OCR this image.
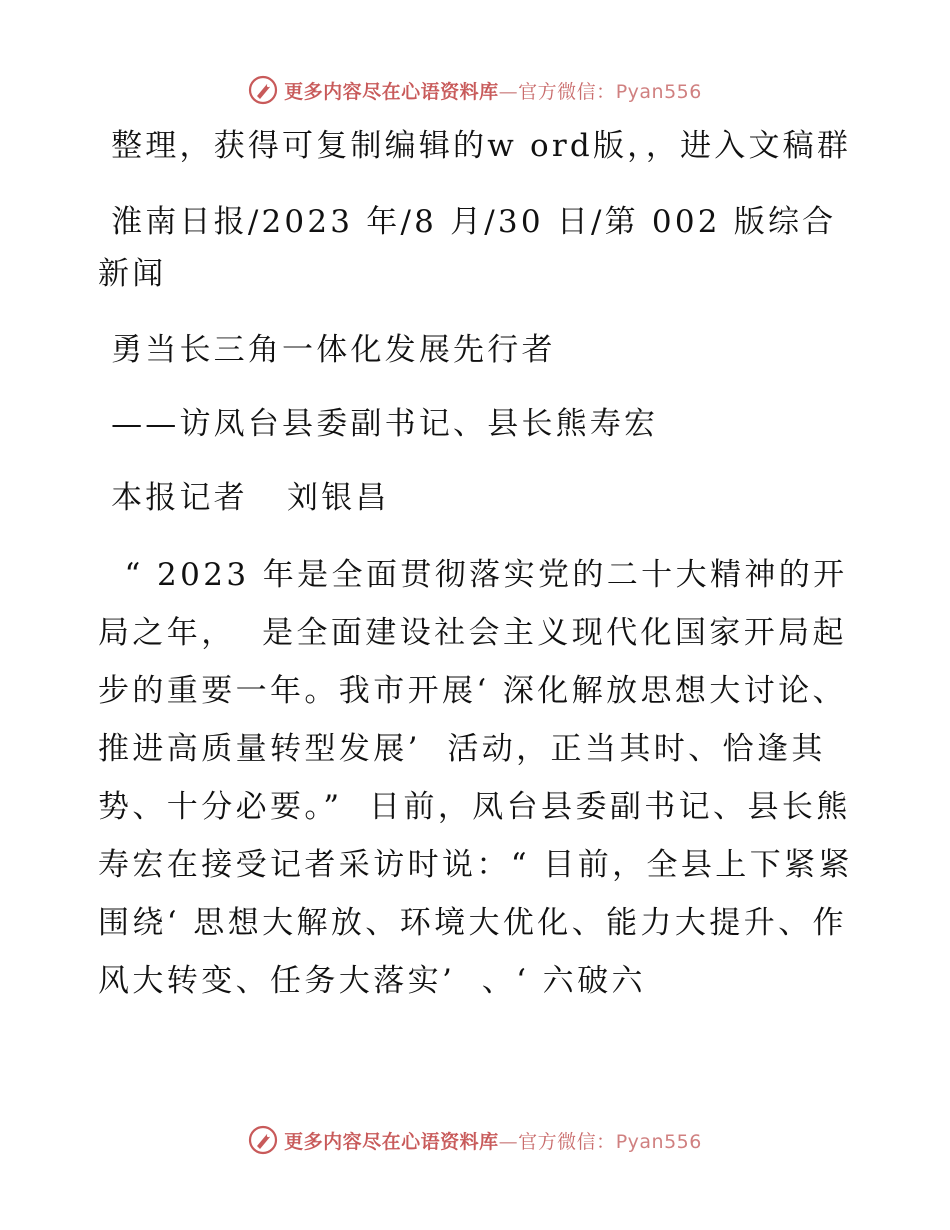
更多内容尽在心语资料库—官方微信：Pyan556

整理，获得可复制编辑的w ord版，，进入文稿群

淮南日报/2023 年/8 月/30 日/第 002 版综合新闻

勇当长三角一体化发展先行者

——访凤台县委副书记、县长熊寿宏

本报记者   刘银昌

“ 2023 年是全面贯彻落实党的二十大精神的开局之年，  是全面建设社会主义现代化国家开局起步的重要一年。我市开展‘ 深化解放思想大讨论、推进高质量转型发展’  活动，正当其时、恰逢其势、十分必要。”  日前，凤台县委副书记、县长熊寿宏在接受记者采访时说：“ 目前，全县上下紧紧围绕‘ 思想大解放、环境大优化、能力大提升、作风大转变、任务大落实’  、‘ 六破六

更多内容尽在心语资料库—官方微信：Pyan556
